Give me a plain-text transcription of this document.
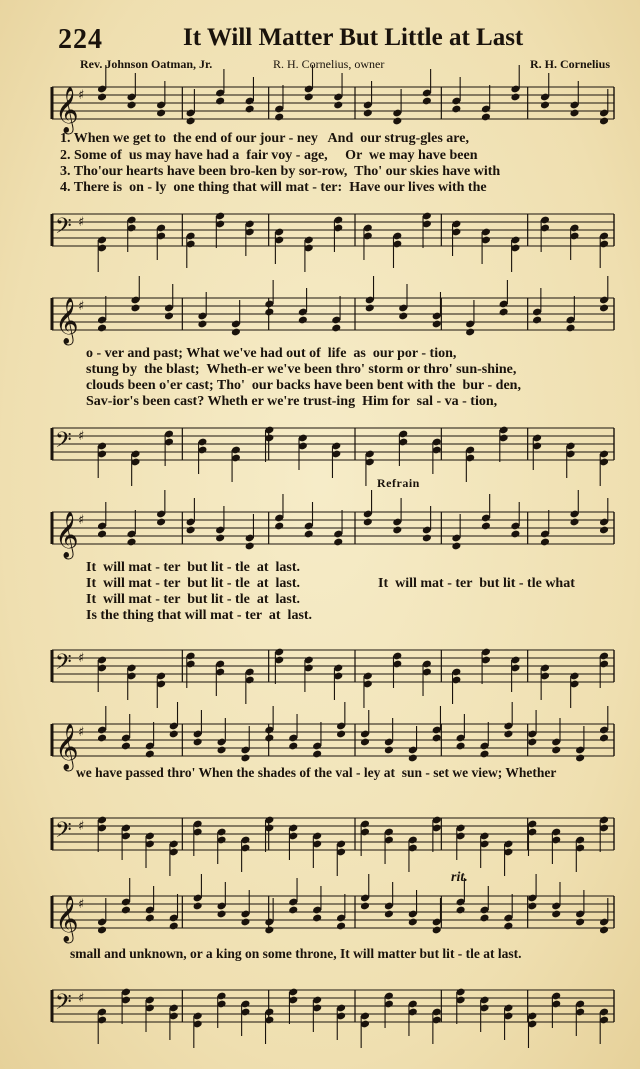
224	It Will Matter But Little at Last
Rev. Johnson Oatman, Jr.	R. H. Cornelius, owner	R. H. Cornelius
𝄞 ♯
𝄢 ♯
𝄞 ♯
𝄢 ♯
𝄞 ♯
𝄢 ♯
𝄞 ♯
𝄢 ♯
𝄞 ♯
𝄢 ♯
1. When we get to  the end of our jour - ney   And  our strug-gles are,
2. Some of  us may have had a  fair voy - age,     Or  we may have been
3. Tho'our hearts have been bro-ken by sor-row,  Tho' our skies have with
4. There is  on - ly  one thing that will mat - ter:  Have our lives with the
o - ver and past; What we've had out of  life  as  our por - tion,
stung by  the blast;  Wheth-er we've been thro' storm or thro' sun-shine,
clouds been o'er cast; Tho'  our backs have been bent with the  bur - den,
Sav-ior's been cast? Wheth er we're trust-ing  Him for  sal - va - tion,
Refrain
It  will mat - ter  but lit - tle  at  last.
It  will mat - ter  but lit - tle  at  last.	It  will mat - ter  but lit - tle what
It  will mat - ter  but lit - tle  at  last.
Is the thing that will mat - ter  at  last.
we have passed thro' When the shades of the val - ley at  sun - set we view; Whether
rit.
small and unknown, or a king on some throne, It will matter but lit - tle at last.
